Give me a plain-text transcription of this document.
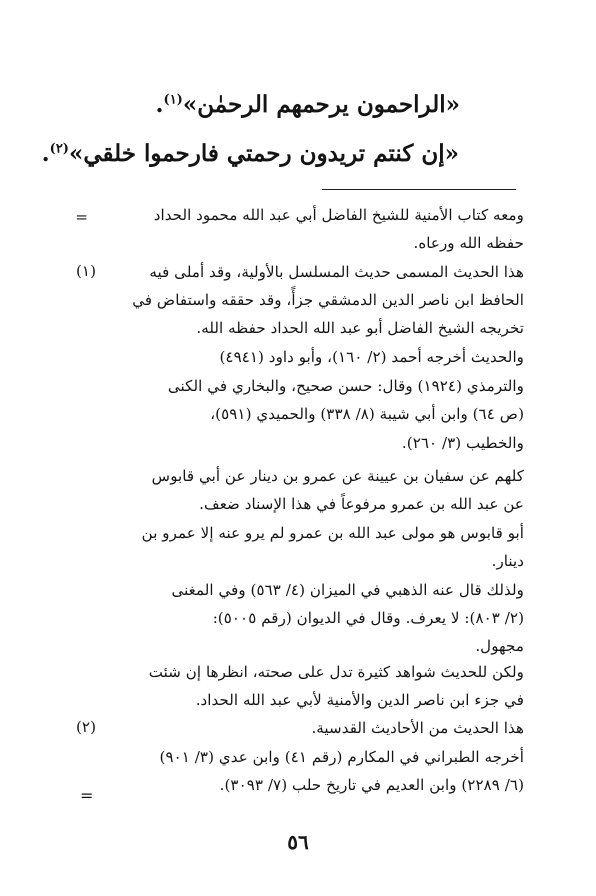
«الراحمون يرحمهم الرحمٰن»$^{(١)}$.
«إن كنتم تريدون رحمتي فارحموا خلقي»$^{(٢)}$.
=	ومعه كتاب الأمنية للشيخ الفاضل أبي عبد الله محمود الحداد
حفظه الله ورعاه.
(١)	هذا الحديث المسمى حديث المسلسل بالأولية، وقد أملى فيه
الحافظ ابن ناصر الدين الدمشقي جزأً، وقد حققه واستفاض في
تخريجه الشيخ الفاضل أبو عبد الله الحداد حفظه الله.
والحديث أخرجه أحمد (٢/ ١٦٠)، وأبو داود (٤٩٤١)
والترمذي (١٩٢٤) وقال: حسن صحيح، والبخاري في الكنى
(ص ٦٤) وابن أبي شيبة (٨/ ٣٣٨) والحميدي (٥٩١)،
والخطيب (٣/ ٢٦٠).
كلهم عن سفيان بن عيينة عن عمرو بن دينار عن أبي قابوس
عن عبد الله بن عمرو مرفوعاً في هذا الإسناد ضعف.
أبو قابوس هو مولى عبد الله بن عمرو لم يرو عنه إلا عمرو بن
دينار.
ولذلك قال عنه الذهبي في الميزان (٤/ ٥٦٣) وفي المغنى
(٢/ ٨٠٣): لا يعرف. وقال في الديوان (رقم ٥٠٠٥):
مجهول.
ولكن للحديث شواهد كثيرة تدل على صحته، انظرها إن شئت
في جزء ابن ناصر الدين والأمنية لأبي عبد الله الحداد.
(٢)	هذا الحديث من الأحاديث القدسية.
أخرجه الطبراني في المكارم (رقم ٤١) وابن عدي (٣/ ٩٠١)
(٦/ ٢٢٨٩) وابن العديم في تاريخ حلب (٧/ ٣٠٩٣).
=
٥٦
